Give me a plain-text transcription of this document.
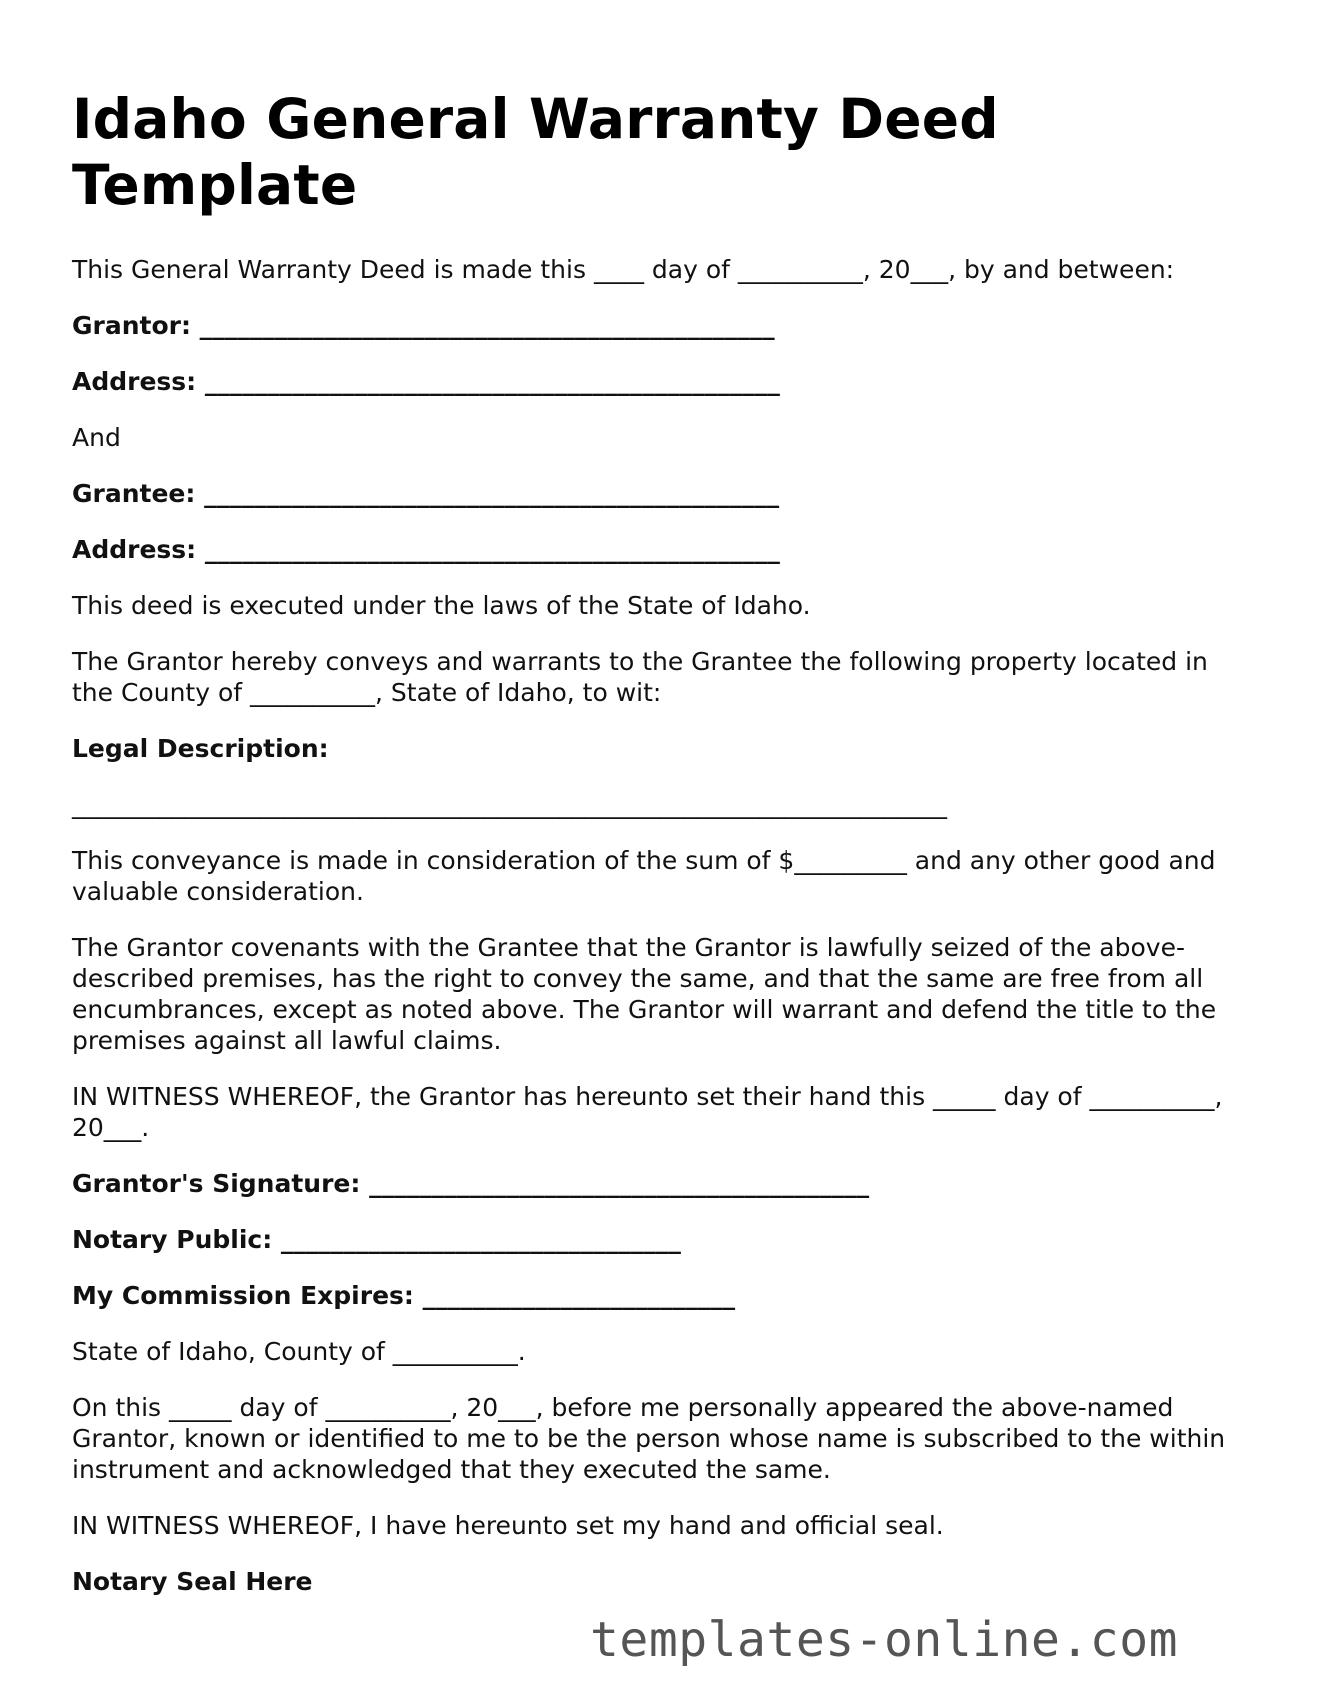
Idaho General Warranty Deed Template

This General Warranty Deed is made this ____ day of __________, 20___, by and between:

Grantor: ______________________________________________

Address: ______________________________________________

And

Grantee: ______________________________________________

Address: ______________________________________________

This deed is executed under the laws of the State of Idaho.

The Grantor hereby conveys and warrants to the Grantee the following property located in the County of __________, State of Idaho, to wit:

Legal Description:

______________________________________________________________________

This conveyance is made in consideration of the sum of $_________ and any other good and valuable consideration.

The Grantor covenants with the Grantee that the Grantor is lawfully seized of the above-described premises, has the right to convey the same, and that the same are free from all encumbrances, except as noted above. The Grantor will warrant and defend the title to the premises against all lawful claims.

IN WITNESS WHEREOF, the Grantor has hereunto set their hand this _____ day of __________, 20___.

Grantor's Signature: ________________________________________

Notary Public: ________________________________

My Commission Expires: _________________________

State of Idaho, County of __________.

On this _____ day of __________, 20___, before me personally appeared the above-named Grantor, known or identified to me to be the person whose name is subscribed to the within instrument and acknowledged that they executed the same.

IN WITNESS WHEREOF, I have hereunto set my hand and official seal.

Notary Seal Here

templates-online.com
